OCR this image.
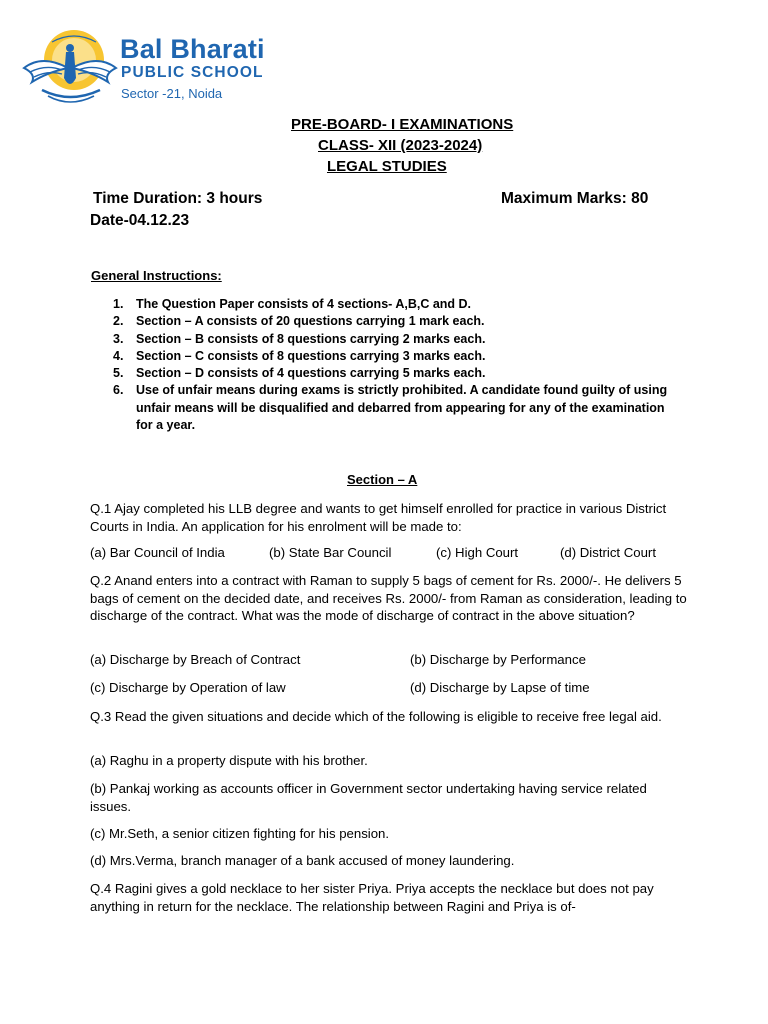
Bal Bharati
PUBLIC SCHOOL
Sector -21, Noida
PRE-BOARD- I EXAMINATIONS
CLASS- XII (2023-2024)
LEGAL STUDIES
Time Duration: 3 hours	Maximum Marks: 80
Date-04.12.23
General Instructions:
1.	The Question Paper consists of 4 sections- A,B,C and D.
2.	Section – A consists of 20 questions carrying 1 mark each.
3.	Section – B consists of 8 questions carrying 2 marks each.
4.	Section – C consists of 8 questions carrying 3 marks each.
5.	Section – D consists of 4 questions carrying 5 marks each.
6.	Use of unfair means during exams is strictly prohibited. A candidate found guilty of using unfair means will be disqualified and debarred from appearing for any of the examination for a year.
Section – A

Q.1 Ajay completed his LLB degree and wants to get himself enrolled for practice in various District Courts in India. An application for his enrolment will be made to:

(a) Bar Council of India	(b) State Bar Council	(c) High Court	(d) District Court

Q.2 Anand enters into a contract with Raman to supply 5 bags of cement for Rs. 2000/-. He delivers 5 bags of cement on the decided date, and receives Rs. 2000/- from Raman as consideration, leading to discharge of the contract. What was the mode of discharge of contract in the above situation?

(a) Discharge by Breach of Contract	(b) Discharge by Performance
(c) Discharge by Operation of law	(d) Discharge by Lapse of time

Q.3 Read the given situations and decide which of the following is eligible to receive free legal aid.

(a) Raghu in a property dispute with his brother.

(b) Pankaj working as accounts officer in Government sector undertaking having service related issues.

(c) Mr.Seth, a senior citizen fighting for his pension.

(d) Mrs.Verma, branch manager of a bank accused of money laundering.

Q.4 Ragini gives a gold necklace to her sister Priya. Priya accepts the necklace but does not pay anything in return for the necklace. The relationship between Ragini and Priya is of-
